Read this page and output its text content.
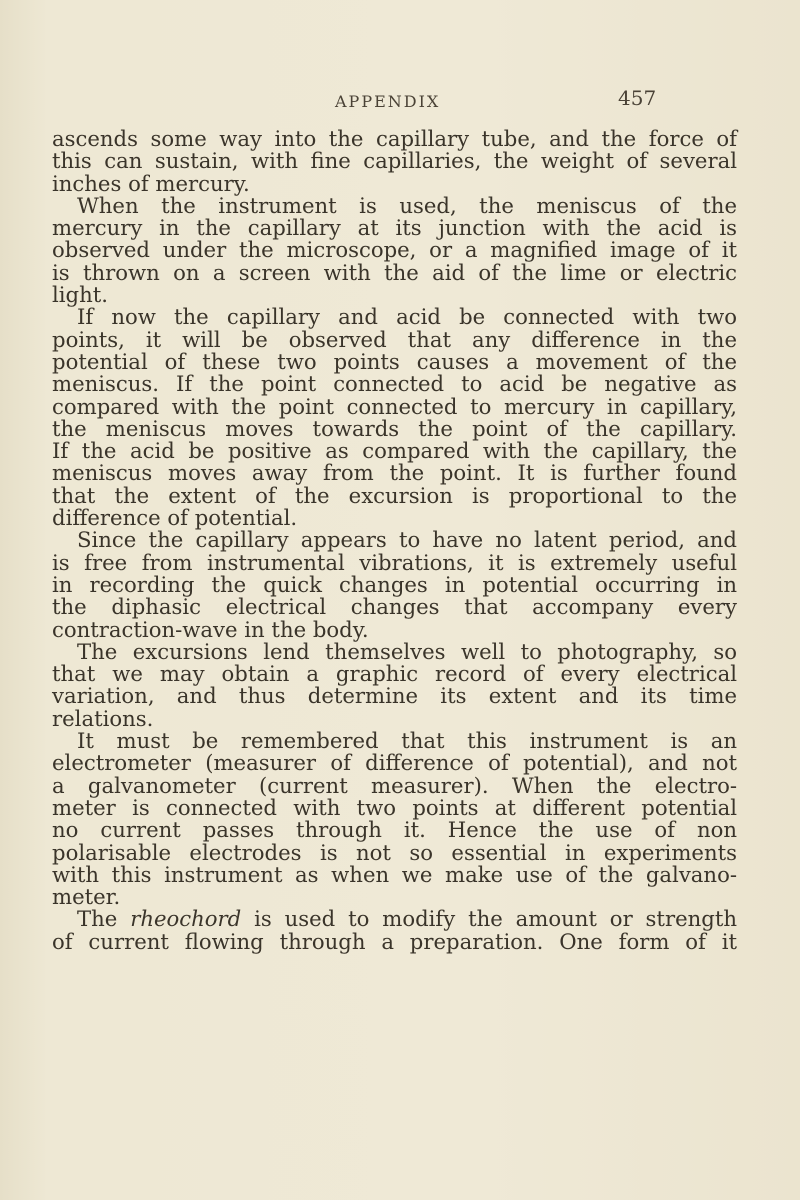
APPENDIX	457
ascends some way into the capillary tube, and the force of
this can sustain, with fine capillaries, the weight of several
inches of mercury.
When the instrument is used, the meniscus of the
mercury in the capillary at its junction with the acid is
observed under the microscope, or a magnified image of it
is thrown on a screen with the aid of the lime or electric
light.
If now the capillary and acid be connected with two
points, it will be observed that any difference in the
potential of these two points causes a movement of the
meniscus. If the point connected to acid be negative as
compared with the point connected to mercury in capillary,
the meniscus moves towards the point of the capillary.
If the acid be positive as compared with the capillary, the
meniscus moves away from the point. It is further found
that the extent of the excursion is proportional to the
difference of potential.
Since the capillary appears to have no latent period, and
is free from instrumental vibrations, it is extremely useful
in recording the quick changes in potential occurring in
the diphasic electrical changes that accompany every
contraction-wave in the body.
The excursions lend themselves well to photography, so
that we may obtain a graphic record of every electrical
variation, and thus determine its extent and its time
relations.
It must be remembered that this instrument is an
electrometer (measurer of difference of potential), and not
a galvanometer (current measurer). When the electro-
meter is connected with two points at different potential
no current passes through it. Hence the use of non
polarisable electrodes is not so essential in experiments
with this instrument as when we make use of the galvano-
meter.
The rheochord is used to modify the amount or strength
of current flowing through a preparation. One form of it
